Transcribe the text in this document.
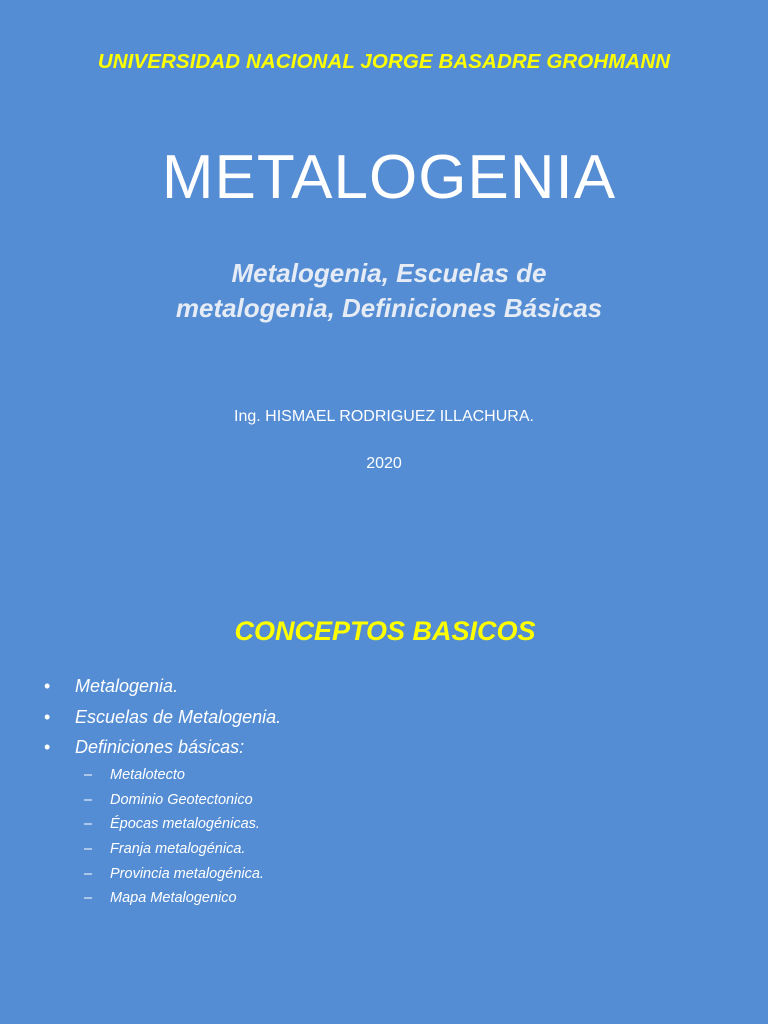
UNIVERSIDAD NACIONAL JORGE BASADRE GROHMANN
METALOGENIA
Metalogenia, Escuelas de
metalogenia, Definiciones Básicas
Ing. HISMAEL RODRIGUEZ ILLACHURA.
2020
CONCEPTOS BASICOS
• Metalogenia.
• Escuelas de Metalogenia.
• Definiciones básicas:
– Metalotecto
– Dominio Geotectonico
– Épocas metalogénicas.
– Franja metalogénica.
– Provincia metalogénica.
– Mapa Metalogenico
